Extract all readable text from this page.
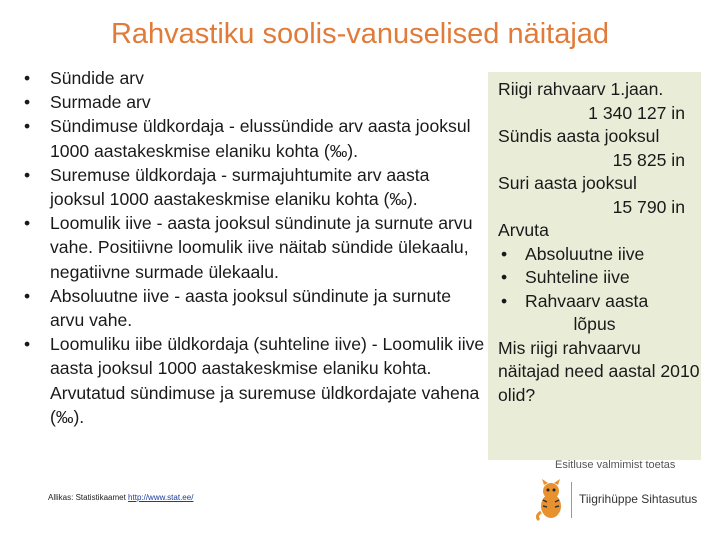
Rahvastiku soolis-vanuselised näitajad
• Sündide arv
• Surmade arv
• Sündimuse üldkordaja - elussündide arv aasta jooksul 1000 aastakeskmise elaniku kohta (‰).
• Suremuse üldkordaja - surmajuhtumite arv aasta jooksul 1000 aastakeskmise elaniku kohta (‰).
• Loomulik iive - aasta jooksul sündinute ja surnute arvu vahe. Positiivne loomulik iive näitab sündide ülekaalu, negatiivne surmade ülekaalu.
• Absoluutne iive - aasta jooksul sündinute ja surnute arvu vahe.
• Loomuliku iibe üldkordaja (suhteline iive) - Loomulik iive aasta jooksul 1000 aastakeskmise elaniku kohta. Arvutatud sündimuse ja suremuse üldkordajate vahena (‰).

Riigi rahvaarv 1.jaan.

1 340 127 in

Sündis aasta jooksul

15 825 in

Suri aasta jooksul

15 790 in

Arvuta

• Absoluutne iive
• Suhteline iive
• Rahvaarv aasta

lõpus

Mis riigi rahvaarvu näitajad need aastal 2010 olid?

Allikas: Statistikaamet http://www.stat.ee/
Esitluse valmimist toetas
Tiigrihüppe Sihtasutus
